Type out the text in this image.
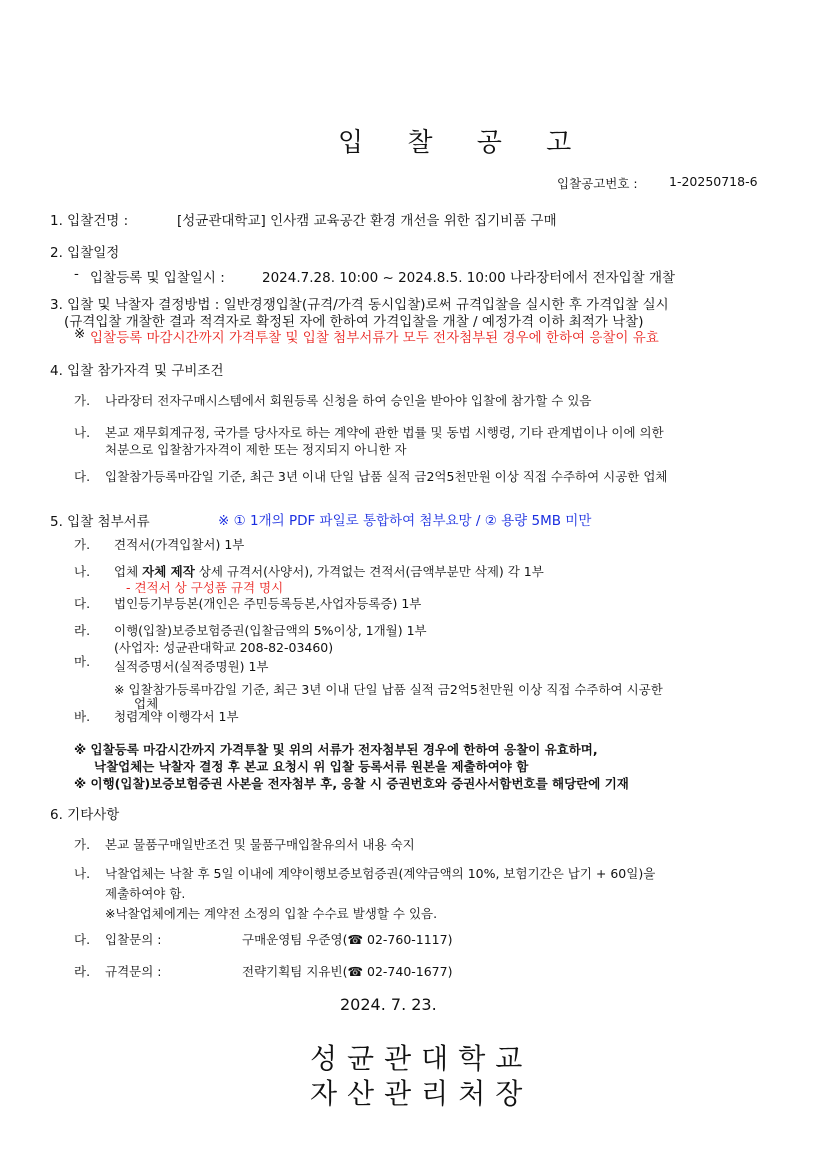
입 찰 공 고
입찰공고번호 :	1-20250718-6
1. 입찰건명 :	[성균관대학교] 인사캠 교육공간 환경 개선을 위한 집기비품 구매
2. 입찰일정
- 입찰등록 및 입찰일시 :	2024.7.28. 10:00 ~ 2024.8.5. 10:00 나라장터에서 전자입찰 개찰
3. 입찰 및 낙찰자 결정방법 : 일반경쟁입찰(규격/가격 동시입찰)로써 규격입찰을 실시한 후 가격입찰 실시
(규격입찰 개찰한 결과 적격자로 확정된 자에 한하여 가격입찰을 개찰 / 예정가격 이하 최적가 낙찰)
※ 입찰등록 마감시간까지 가격투찰 및 입찰 첨부서류가 모두 전자첨부된 경우에 한하여 응찰이 유효
4. 입찰 참가자격 및 구비조건
가. 나라장터 전자구매시스템에서 회원등록 신청을 하여 승인을 받아야 입찰에 참가할 수 있음
나. 본교 재무회계규정, 국가를 당사자로 하는 계약에 관한 법률 및 동법 시행령, 기타 관계법이나 이에 의한
처분으로 입찰참가자격이 제한 또는 정지되지 아니한 자
다. 입찰참가등록마감일 기준, 최근 3년 이내 단일 납품 실적 금2억5천만원 이상 직접 수주하여 시공한 업체
5. 입찰 첨부서류	※ ① 1개의 PDF 파일로 통합하여 첨부요망 / ② 용량 5MB 미만
가. 견적서(가격입찰서) 1부
나. 업체 자체 제작 상세 규격서(사양서), 가격없는 견적서(금액부분만 삭제) 각 1부
- 견적서 상 구성품 규격 명시
다. 법인등기부등본(개인은 주민등록등본,사업자등록증) 1부
라. 이행(입찰)보증보험증권(입찰금액의 5%이상, 1개월) 1부
(사업자: 성균관대학교 208-82-03460)
마. 실적증명서(실적증명원) 1부
※ 입찰참가등록마감일 기준, 최근 3년 이내 단일 납품 실적 금2억5천만원 이상 직접 수주하여 시공한
업체
바. 청렴계약 이행각서 1부
※ 입찰등록 마감시간까지 가격투찰 및 위의 서류가 전자첨부된 경우에 한하여 응찰이 유효하며,
낙찰업체는 낙찰자 결정 후 본교 요청시 위 입찰 등록서류 원본을 제출하여야 함
※ 이행(입찰)보증보험증권 사본을 전자첨부 후, 응찰 시 증권번호와 증권사서함번호를 해당란에 기재
6. 기타사항
가. 본교 물품구매일반조건 및 물품구매입찰유의서 내용 숙지
나. 낙찰업체는 낙찰 후 5일 이내에 계약이행보증보험증권(계약금액의 10%, 보험기간은 납기 + 60일)을
제출하여야 함.
※낙찰업체에게는 계약전 소정의 입찰 수수료 발생할 수 있음.
다. 입찰문의 :	구매운영팀 우준영(☎ 02-760-1117)
라. 규격문의 :	전략기획팀 지유빈(☎ 02-740-1677)
2024. 7. 23.
성균관대학교
자산관리처장
